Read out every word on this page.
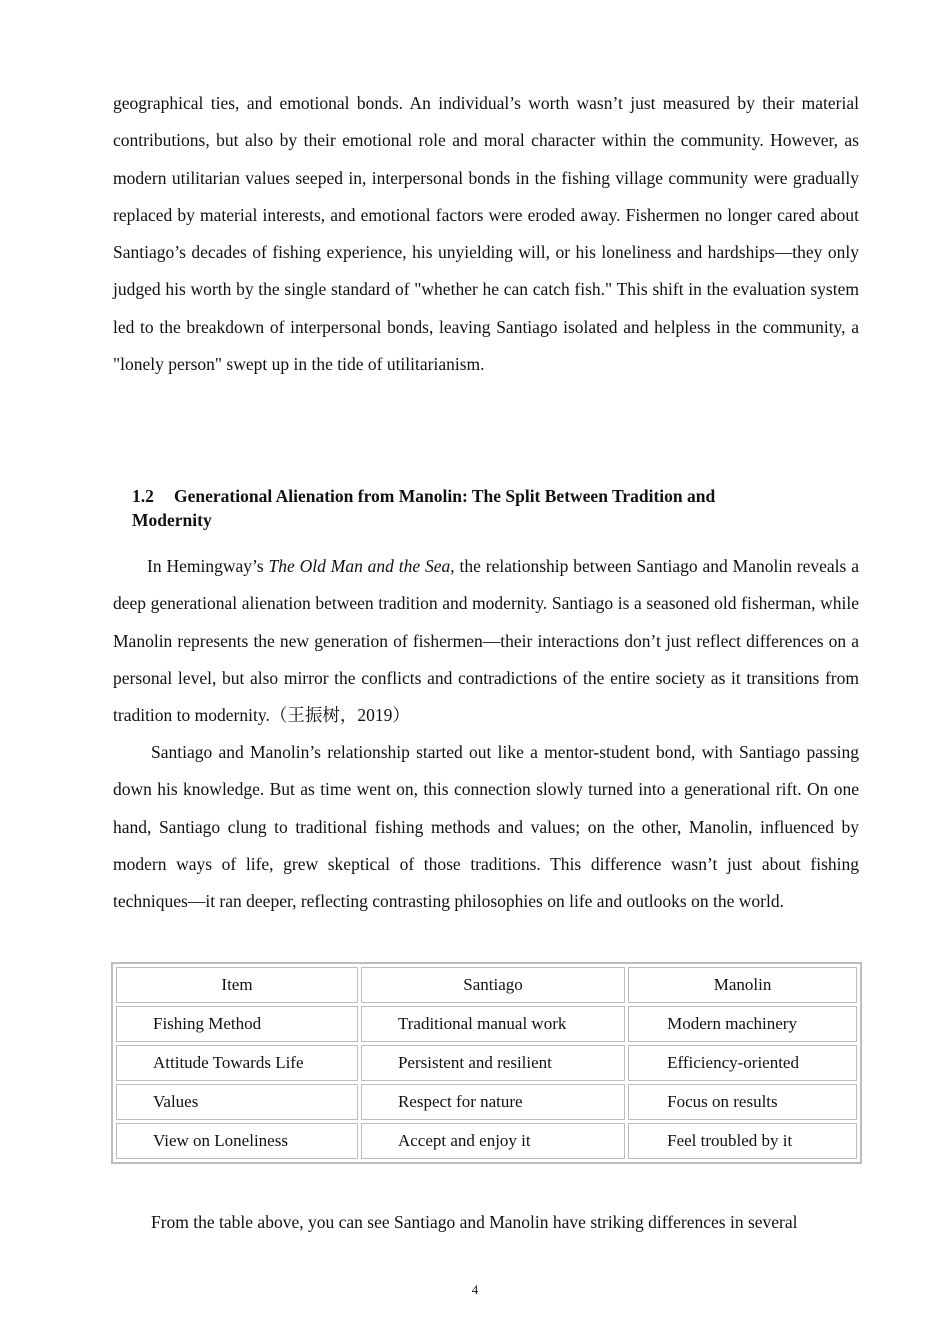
geographical ties, and emotional bonds. An individual’s worth wasn’t just measured by their material contributions, but also by their emotional role and moral character within the community. However, as modern utilitarian values seeped in, interpersonal bonds in the fishing village community were gradually replaced by material interests, and emotional factors were eroded away. Fishermen no longer cared about Santiago’s decades of fishing experience, his unyielding will, or his loneliness and hardships—they only judged his worth by the single standard of "whether he can catch fish." This shift in the evaluation system led to the breakdown of interpersonal bonds, leaving Santiago isolated and helpless in the community, a "lonely person" swept up in the tide of utilitarianism.

1.2 Generational Alienation from Manolin: The Split Between Tradition and Modernity

In Hemingway’s The Old Man and the Sea, the relationship between Santiago and Manolin reveals a deep generational alienation between tradition and modernity. Santiago is a seasoned old fisherman, while Manolin represents the new generation of fishermen—their interactions don’t just reflect differences on a personal level, but also mirror the conflicts and contradictions of the entire society as it transitions from tradition to modernity.（王振树，2019）

Santiago and Manolin’s relationship started out like a mentor-student bond, with Santiago passing down his knowledge. But as time went on, this connection slowly turned into a generational rift. On one hand, Santiago clung to traditional fishing methods and values; on the other, Manolin, influenced by modern ways of life, grew skeptical of those traditions. This difference wasn’t just about fishing techniques—it ran deeper, reflecting contrasting philosophies on life and outlooks on the world.

Item	Santiago	Manolin
Fishing Method	Traditional manual work	Modern machinery
Attitude Towards Life	Persistent and resilient	Efficiency-oriented
Values	Respect for nature	Focus on results
View on Loneliness	Accept and enjoy it	Feel troubled by it

From the table above, you can see Santiago and Manolin have striking differences in several

4
